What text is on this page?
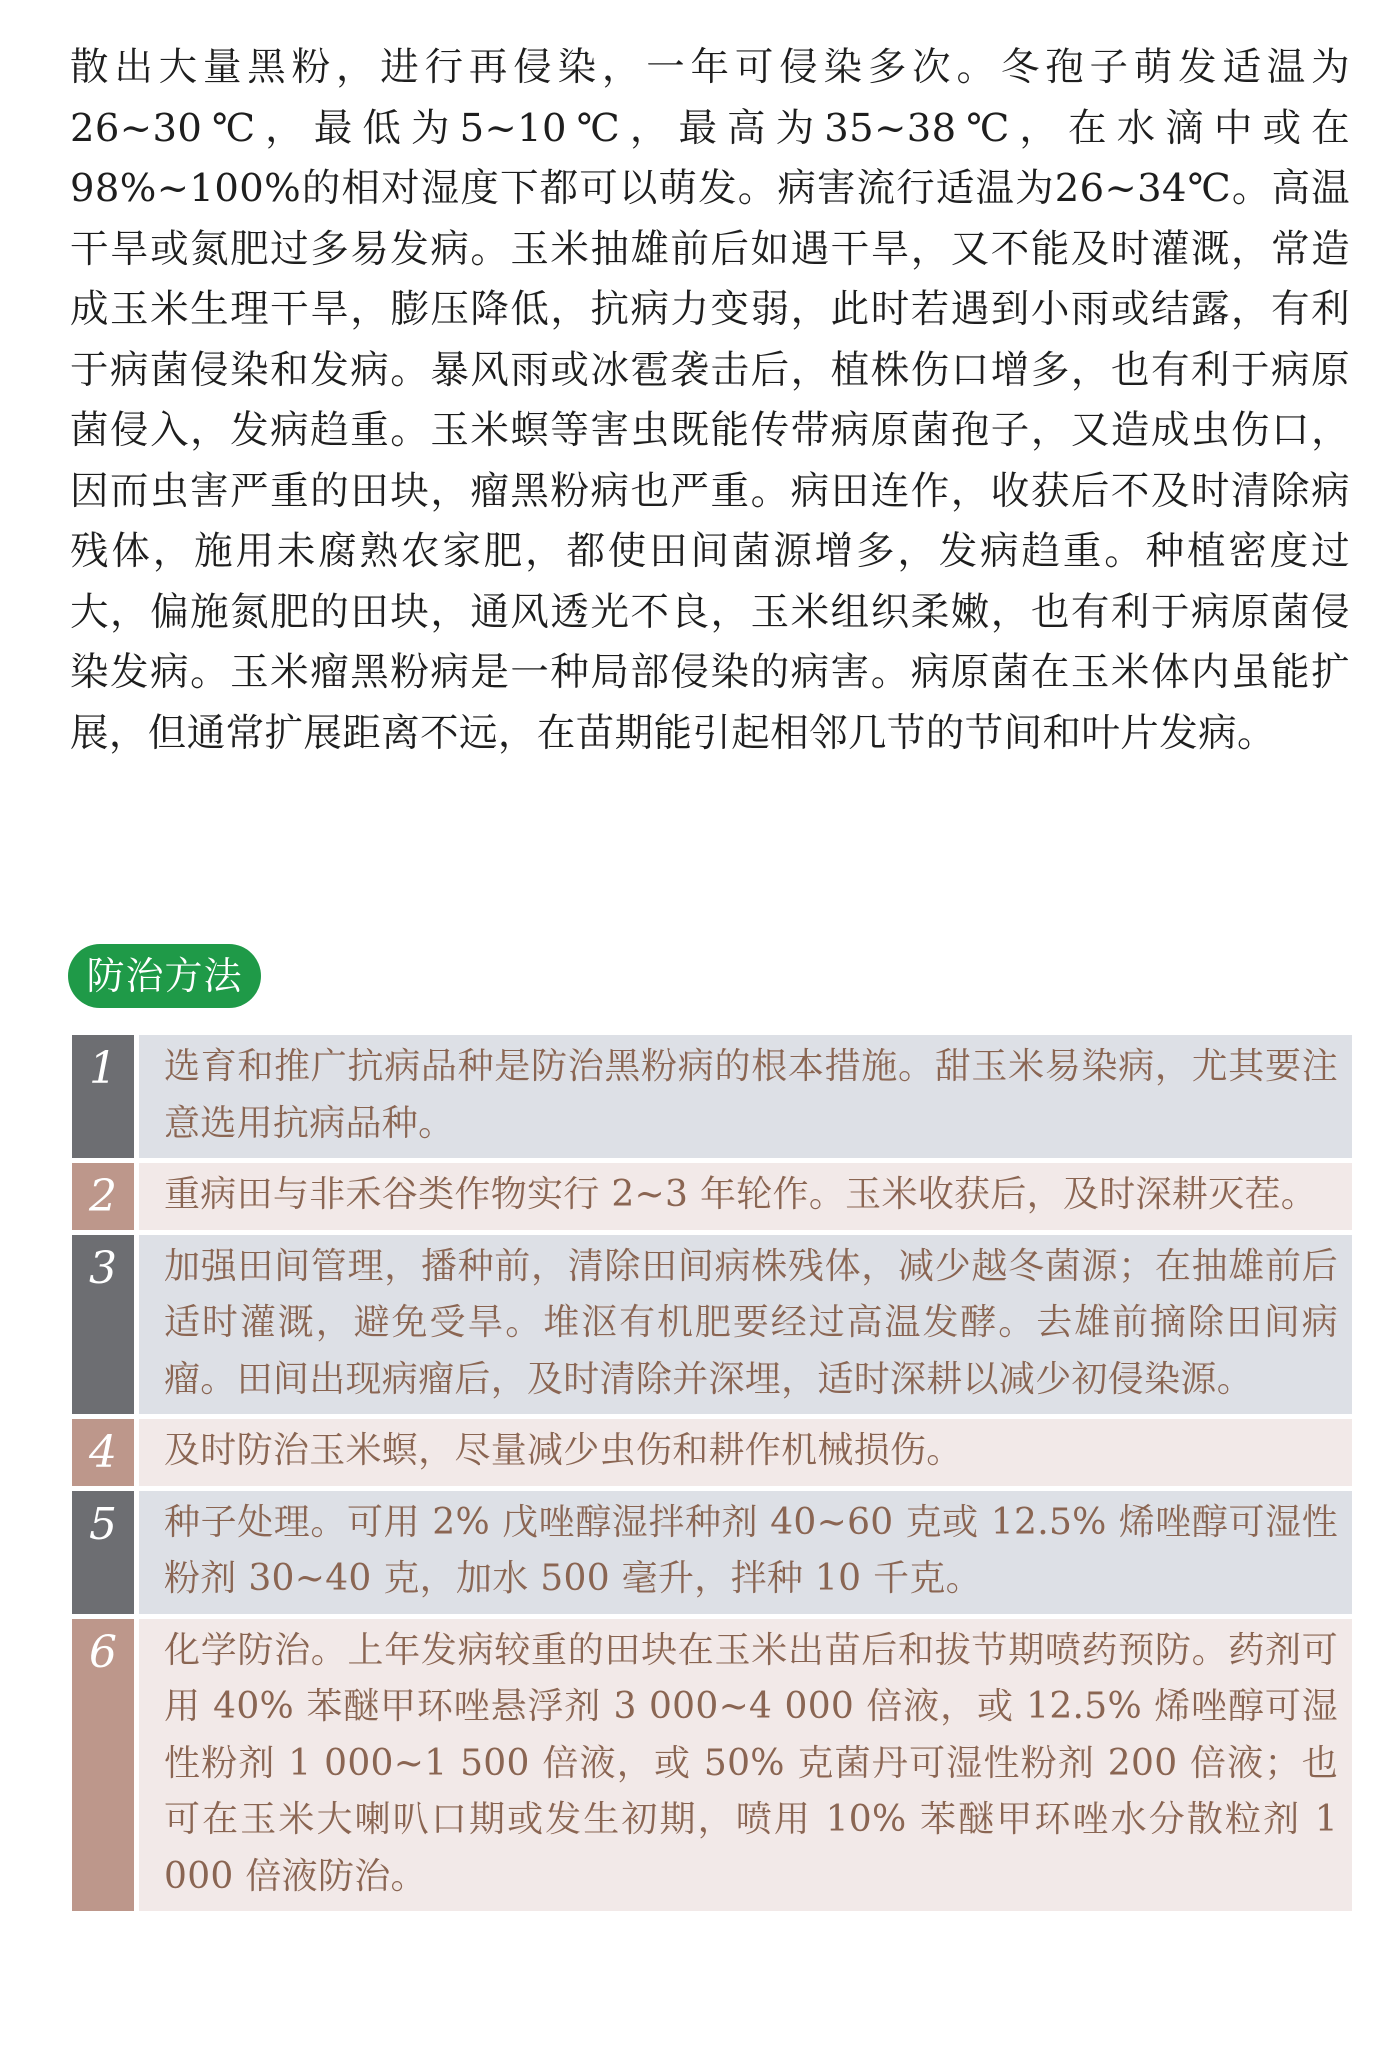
散出大量黑粉，进行再侵染，一年可侵染多次。冬孢子萌发适温为26~30℃，最低为5~10℃，最高为35~38℃，在水滴中或在98%~100%的相对湿度下都可以萌发。病害流行适温为26~34℃。高温干旱或氮肥过多易发病。玉米抽雄前后如遇干旱，又不能及时灌溉，常造成玉米生理干旱，膨压降低，抗病力变弱，此时若遇到小雨或结露，有利于病菌侵染和发病。暴风雨或冰雹袭击后，植株伤口增多，也有利于病原菌侵入，发病趋重。玉米螟等害虫既能传带病原菌孢子，又造成虫伤口，因而虫害严重的田块，瘤黑粉病也严重。病田连作，收获后不及时清除病残体，施用未腐熟农家肥，都使田间菌源增多，发病趋重。种植密度过大，偏施氮肥的田块，通风透光不良，玉米组织柔嫩，也有利于病原菌侵染发病。玉米瘤黑粉病是一种局部侵染的病害。病原菌在玉米体内虽能扩展，但通常扩展距离不远，在苗期能引起相邻几节的节间和叶片发病。

防治方法
1	选育和推广抗病品种是防治黑粉病的根本措施。甜玉米易染病，尤其要注意选用抗病品种。
2	重病田与非禾谷类作物实行 2~3 年轮作。玉米收获后，及时深耕灭茬。
3	加强田间管理，播种前，清除田间病株残体，减少越冬菌源；在抽雄前后适时灌溉，避免受旱。堆沤有机肥要经过高温发酵。去雄前摘除田间病瘤。田间出现病瘤后，及时清除并深埋，适时深耕以减少初侵染源。
4	及时防治玉米螟，尽量减少虫伤和耕作机械损伤。
5	种子处理。可用 2% 戊唑醇湿拌种剂 40~60 克或 12.5% 烯唑醇可湿性粉剂 30~40 克，加水 500 毫升，拌种 10 千克。
6	化学防治。上年发病较重的田块在玉米出苗后和拔节期喷药预防。药剂可用 40% 苯醚甲环唑悬浮剂 3 000~4 000 倍液，或 12.5% 烯唑醇可湿性粉剂 1 000~1 500 倍液，或 50% 克菌丹可湿性粉剂 200 倍液；也可在玉米大喇叭口期或发生初期，喷用 10% 苯醚甲环唑水分散粒剂 1 000 倍液防治。
